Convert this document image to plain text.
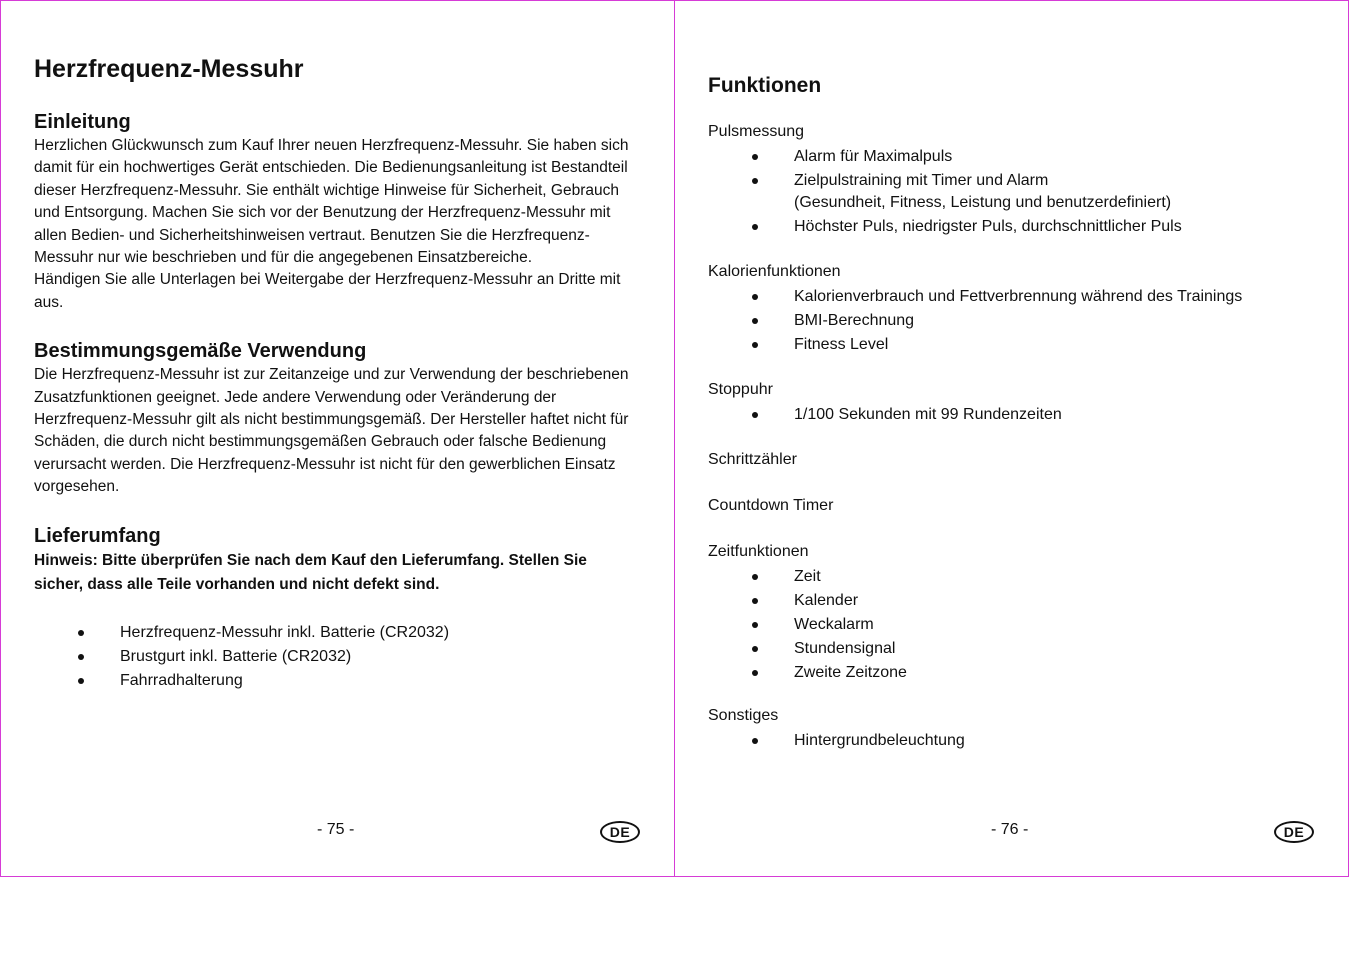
Herzfrequenz-Messuhr
Einleitung

Herzlichen Glückwunsch zum Kauf Ihrer neuen Herzfrequenz-Messuhr. Sie haben sich damit für ein hochwertiges Gerät entschieden. Die Bedienungsanleitung ist Bestandteil dieser Herzfrequenz-Messuhr. Sie enthält wichtige Hinweise für Sicherheit, Gebrauch und Entsorgung. Machen Sie sich vor der Benutzung der Herzfrequenz-Messuhr mit allen Bedien- und Sicherheitshinweisen vertraut. Benutzen Sie die Herzfrequenz-Messuhr nur wie beschrieben und für die angegebenen Einsatzbereiche.

Händigen Sie alle Unterlagen bei Weitergabe der Herzfrequenz-Messuhr an Dritte mit aus.

Bestimmungsgemäße Verwendung

Die Herzfrequenz-Messuhr ist zur Zeitanzeige und zur Verwendung der beschriebenen Zusatzfunktionen geeignet. Jede andere Verwendung oder Veränderung der Herzfrequenz-Messuhr gilt als nicht bestimmungsgemäß. Der Hersteller haftet nicht für Schäden, die durch nicht bestimmungsgemäßen Gebrauch oder falsche Bedienung verursacht werden. Die Herzfrequenz-Messuhr ist nicht für den gewerblichen Einsatz vorgesehen.

Lieferumfang

Hinweis: Bitte überprüfen Sie nach dem Kauf den Lieferumfang. Stellen Sie sicher, dass alle Teile vorhanden und nicht defekt sind.

Herzfrequenz-Messuhr inkl. Batterie (CR2032)
Brustgurt inkl. Batterie (CR2032)
Fahrradhalterung
- 75 -	DE
Funktionen
Pulsmessung
Alarm für Maximalpuls
Zielpulstraining mit Timer und Alarm
(Gesundheit, Fitness, Leistung und benutzerdefiniert)
Höchster Puls, niedrigster Puls, durchschnittlicher Puls
Kalorienfunktionen
Kalorienverbrauch und Fettverbrennung während des Trainings
BMI-Berechnung
Fitness Level
Stoppuhr
1/100 Sekunden mit 99 Rundenzeiten
Schrittzähler
Countdown Timer
Zeitfunktionen
Zeit
Kalender
Weckalarm
Stundensignal
Zweite Zeitzone
Sonstiges
Hintergrundbeleuchtung
- 76 -	DE
